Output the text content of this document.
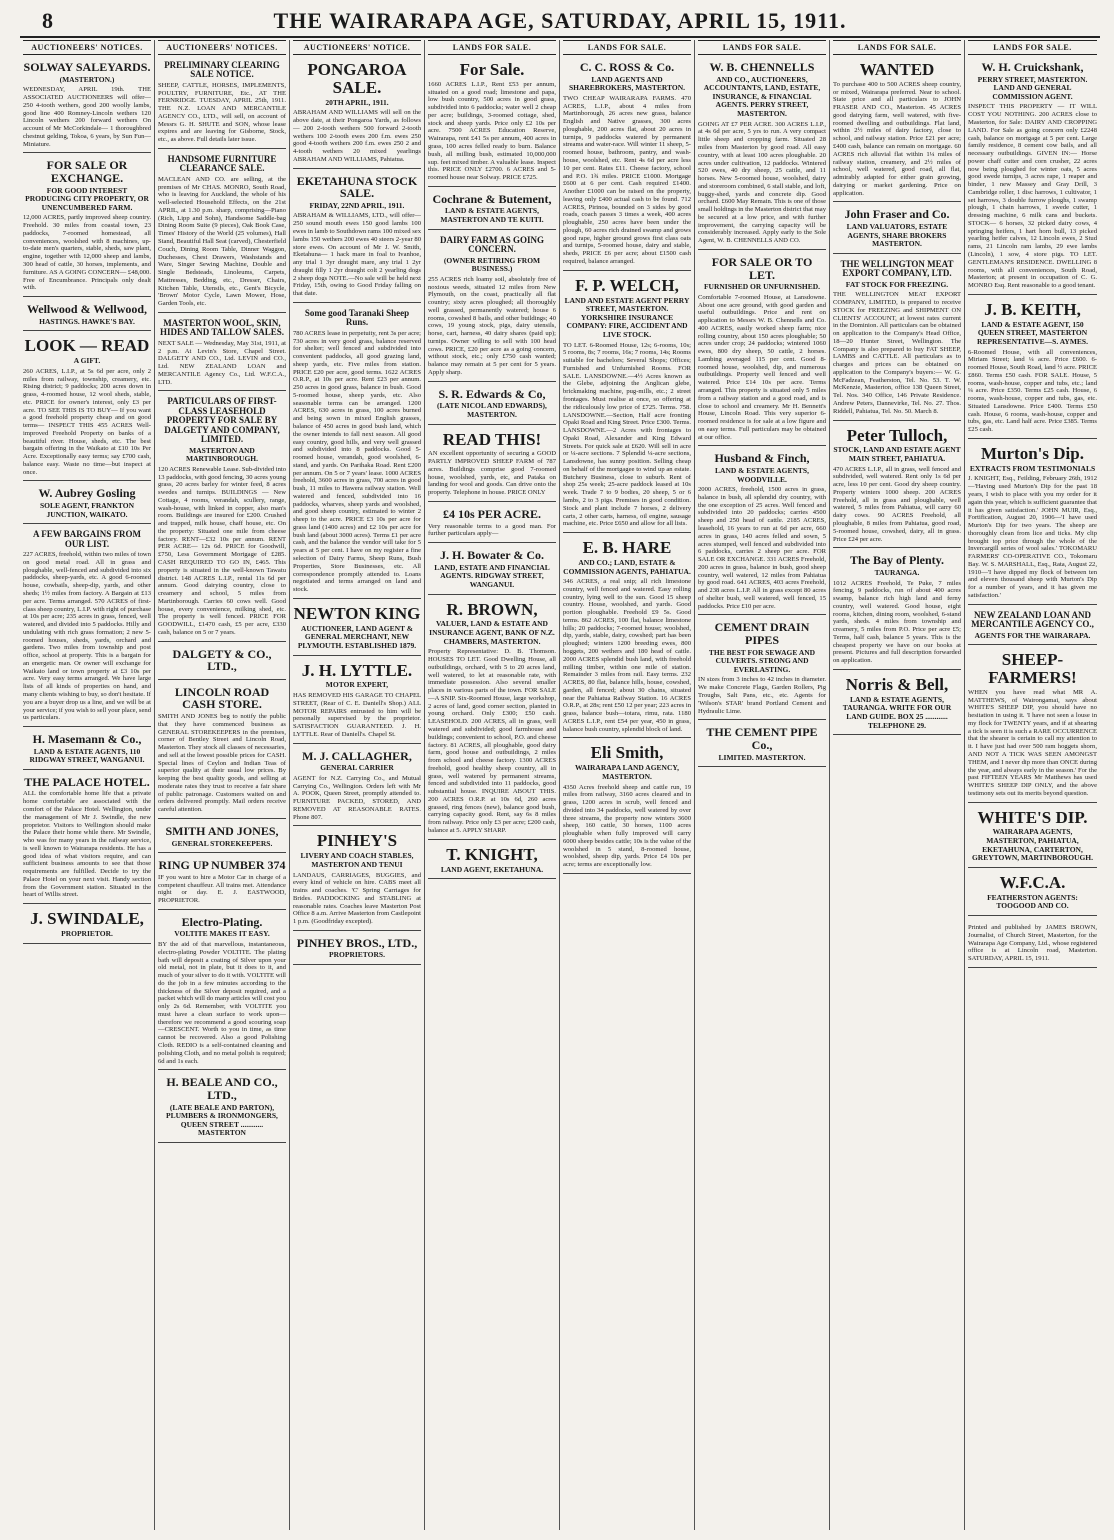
8	THE WAIRARAPA AGE, SATURDAY, APRIL 15, 1911.
AUCTIONEERS' NOTICES.
SOLWAY SALEYARDS.
(MASTERTON.)
WEDNESDAY, APRIL 19th. THE ASSOCIATED AUCTIONEERS will offer— 250 4-tooth wethers, good 200 woolly lambs, good line 400 Romney-Lincoln wethers 120 Lincoln wethers 200 forward wethers On account of Mr McCorkindale— 1 thoroughbred chestnut gelding, Tokoa, 6 years, by Sun Fun—Miniature.
FOR SALE OR EXCHANGE.
FOR GOOD INTEREST PRODUCING CITY PROPERTY, OR UNENCUMBERED FARM.
12,000 ACRES, partly improved sheep country. Freehold. 30 miles from coastal town, 23 paddocks, 7-roomed homestead, all conveniences, woolshed with 8 machines, up-to-date men's quarters, stable, sheds, saw plant, engine, together with 12,000 sheep and lambs, 300 head of cattle, 30 horses, implements, and furniture. AS A GOING CONCERN— £48,000. Free of Encumbrance. Principals only dealt with.
Wellwood & Wellwood,
HASTINGS. HAWKE'S BAY.
LOOK — READ
A GIFT.
260 ACRES, L.I.P., at 5s 6d per acre, only 2 miles from railway, township, creamery, etc. Rising district; 9 paddocks; 200 acres down in grass, 4-roomed house, 12 wool sheds, stable, etc. PRICE for owner's interest, only £3 per acre. TO SEE THIS IS TO BUY— If you want a good freehold property cheap and on good terms— INSPECT THIS 455 ACRES Well-improved Freehold Property on banks of a beautiful river. House, sheds, etc. The best bargain offering in the Waikato at £10 10s Per Acre. Exceptionally easy terms; say £700 cash, balance easy. Waste no time—but inspect at once.
W. Aubrey Gosling
SOLE AGENT, FRANKTON JUNCTION, WAIKATO.
A FEW BARGAINS FROM OUR LIST.
227 ACRES, freehold, within two miles of town on good metal road. All in grass and ploughable, well-fenced and subdivided into six paddocks, sheep-yards, etc. A good 6-roomed house, cowbails, sheep-dip, yards, and other sheds; 1½ miles from factory. A Bargain at £13 per acre. Terms arranged. 570 ACRES of first-class sheep country, L.I.P. with right of purchase at 10s per acre; 235 acres in grass, fenced, well watered, and divided into 5 paddocks. Hilly and undulating with rich grass formation; 2 new 5-roomed houses, sheds, yards, orchard and gardens. Two miles from township and post office, school at property. This is a bargain for an energetic man. Or owner will exchange for Waikato land or town property at £3 10s per acre. Very easy terms arranged. We have large lists of all kinds of properties on hand, and many clients wishing to buy, so don't hesitate. If you are a buyer drop us a line, and we will be at your service; if you wish to sell your place, send us particulars.
H. Masemann & Co.,
LAND & ESTATE AGENTS, 110 RIDGWAY STREET, WANGANUI.
THE PALACE HOTEL.
ALL the comfortable home life that a private home comfortable are associated with the comfort of the Palace Hotel. Wellington, under the management of Mr J. Swindle, the new proprietor. Visitors to Wellington should make the Palace their home while there. Mr Swindle, who was for many years in the railway service, is well known to Wairarapa residents. He has a good idea of what visitors require, and can sufficient business amounts to see that those requirements are fulfilled. Decide to try the Palace Hotel on your next visit. Handy section from the Government station. Situated in the heart of Willis street.
J. SWINDALE,
PROPRIETOR.
AUCTIONEERS' NOTICES.
PRELIMINARY CLEARING SALE NOTICE.
SHEEP, CATTLE, HORSES, IMPLEMENTS, POULTRY, FURNITURE, Etc., AT THE FERNRIDGE. TUESDAY, APRIL 25th, 1911. THE N.Z. LOAN AND MERCANTILE AGENCY CO., LTD., will sell, on account of Messrs G. H. SHUTE and SON, whose lease expires and are leaving for Gisborne, Stock, etc., as above. Full details later issue.
HANDSOME FURNITURE CLEARANCE SALE.
MACLEAN AND CO. are selling, at the premises of Mr CHAS. MONRO, South Road, who is leaving for Auckland, the whole of his well-selected Household Effects, on the 21st APRIL, at 1.30 p.m. sharp, comprising—Piano (Rich, Lipp and Sohn), Handsome Saddle-bag Dining Room Suite (9 pieces), Oak Book Case, Times' History of the World (25 volumes), Hall Stand, Beautiful Hall Seat (carved), Chesterfield Couch, Dining Room Table, Dinner Waggon, Duchesses, Chest Drawers, Washstands and Ware, Singer Sewing Machine, Double and Single Bedsteads, Linoleums, Carpets, Mattresses, Bedding, etc., Dresser, Chairs, Kitchen Table, Utensils, etc., Gent's Bicycle, 'Brown' Motor Cycle, Lawn Mower, Hose, Garden Tools, etc.
MASTERTON WOOL, SKIN, HIDES AND TALLOW SALES.
NEXT SALE — Wednesday, May 31st, 1911, at 2 p.m. At Levin's Store, Chapel Street. DALGETY AND CO., Ltd. LEVIN and CO., Ltd. NEW ZEALAND LOAN and MERCANTILE Agency Co., Ltd. W.F.C.A., LTD.
PARTICULARS OF FIRST-CLASS LEASEHOLD PROPERTY FOR SALE BY DALGETY AND COMPANY, LIMITED.
MASTERTON AND MARTINBOROUGH.
120 ACRES Renewable Lease. Sub-divided into 13 paddocks, with good fencing, 30 acres young grass, 20 acres barley for winter feed, 8 acres swedes and turnips. BUILDINGS — New Cottage, 4 rooms, verandah, scullery, range, wash-house, with linked in copper, also man's room. Buildings are insured for £200. Crushed and trapped, milk house, chaff house, etc. On the property: Situated one mile from cheese factory. RENT—£32 10s per annum. RENT PER ACRE— 12s 6d. PRICE for Goodwill, £750, Less Government Mortgage of £285. CASH REQUIRED TO GO IN, £465. This property is situated in the well-known Tawatu district. 148 ACRES L.I.P., rental 11s 6d per annum. Good dairying country, close to creamery and school, 5 miles from Martinborough. Carries 60 cows well. Good house, every convenience, milking shed, etc. The property is well fenced. PRICE FOR GOODWILL, £1470 cash, £5 per acre, £330 cash, balance on 5 or 7 years.
DALGETY & CO., LTD.,
LINCOLN ROAD CASH STORE.
SMITH AND JONES beg to notify the public that they have commenced business as GENERAL STOREKEEPERS in the premises, corner of Bentley Street and Lincoln Road, Masterton. They stock all classes of necessaries, and sell at the lowest possible prices for CASH. Special lines of Ceylon and Indian Teas of superior quality at their usual low prices. By keeping the best quality goods, and selling at moderate rates they trust to receive a fair share of public patronage. Customers waited on and orders delivered promptly. Mail orders receive careful attention.
SMITH AND JONES,
GENERAL STOREKEEPERS.
RING UP NUMBER 374
IF you want to hire a Motor Car in charge of a competent chauffeur. All trains met. Attendance night or day. E. J. EASTWOOD, PROPRIETOR.
Electro-Plating.
VOLTITE MAKES IT EASY.
BY the aid of that marvellous, instantaneous, electro-plating Powder VOLTITE. The plating bath will deposit a coating of Silver upon your old metal, not in plate, but it does to it, and much of your silver to do it with. VOLTITE will do the job in a few minutes according to the thickness of the Silver deposit required, and a packet which will do many articles will cost you only 2s 6d. Remember, with VOLTITE you must have a clean surface to work upon—therefore we recommend a good scouring soap—CRESCENT. Worth to you in time, as time cannot be recovered. Also a good Polishing Cloth. REDIO is a self-contained cleaning and polishing Cloth, and no metal polish is required; 6d and 1s each.
H. BEALE AND CO., LTD.,
(LATE BEALE AND PARTON), PLUMBERS & IRONMONGERS, QUEEN STREET ............ MASTERTON
AUCTIONEERS' NOTICE.
PONGAROA SALE.
20TH APRIL, 1911.
ABRAHAM AND WILLIAMS will sell on the above date, at their Pongaroa Yards, as follows— 200 2-tooth wethers 500 forward 2-tooth wethers 100 2-tooth ewes 200 f.m. ewes 250 good 4-tooth wethers 200 f.m. ewes 250 2 and 4-tooth wethers 20 mixed yearlings ABRAHAM AND WILLIAMS, Pahiatua.
EKETAHUNA STOCK SALE.
FRIDAY, 22ND APRIL, 1911.
ABRAHAM & WILLIAMS, LTD., will offer— 250 sound mouth ewes 150 good lambs 100 ewes in lamb to Southdown rams 100 mixed sex lambs 150 wethers 200 ewes 40 steers 2-year 80 store ewes. On account of Mr J. W. Smith, Eketahuna— 1 hack mare in foal to Ivanhoe, any trial 1 3yr draught mare, any trial 1 2yr draught filly 1 2yr draught colt 2 yearling dogs 2 sheep dogs NOTE.—No sale will be held next Friday, 15th, owing to Good Friday falling on that date.
Some good Taranaki Sheep Runs.
780 ACRES lease in perpetuity, rent 3s per acre; 730 acres in very good grass, balance reserved for shelter; well fenced and subdivided into convenient paddocks, all good grazing land, sheep yards, etc. Five miles from station. PRICE £20 per acre, good terms. 1622 ACRES O.R.P., at 10s per acre. Rent £23 per annum. 250 acres in good grass, balance in bush. Good 5-roomed house, sheep yards, etc. Also seasonable terms can be arranged. 1200 ACRES, 630 acres in grass, 100 acres burned and being sown in mixed English grasses, balance of 450 acres in good bush land, which the owner intends to fall next season. All good easy country, good hills, and very well grassed and subdivided into 8 paddocks. Good 5-roomed house, verandah, good woolshed, 6-stand, and yards. On Parihaka Road. Rent £200 per annum. On 5 or 7 years' lease. 1000 ACRES freehold, 3600 acres in grass, 700 acres in good bush, 11 miles to Hawera railway station. Well watered and fenced, subdivided into 16 paddocks, wharves, sheep yards and woolshed, and good sheep country, estimated to winter 2 sheep to the acre. PRICE £3 10s per acre for grass land (1400 acres) and £2 10s per acre for bush land (about 3000 acres). Terms £1 per acre cash, and the balance the vendor will take for 5 years at 5 per cent. I have on my register a fine selection of Dairy Farms, Sheep Runs, Bush Properties, Store Businesses, etc. All correspondence promptly attended to. Loans negotiated and terms arranged on land and stock.
NEWTON KING
AUCTIONEER, LAND AGENT & GENERAL MERCHANT, NEW PLYMOUTH. ESTABLISHED 1879.
J. H. LYTTLE.
MOTOR EXPERT,
HAS REMOVED HIS GARAGE TO CHAPEL STREET, (Rear of C. E. Daniell's Shop.) ALL MOTOR REPAIRS entrusted to him will be personally supervised by the proprietor. SATISFACTION GUARANTEED. J. H. LYTTLE. Rear of Daniell's. Chapel St.
M. J. CALLAGHER,
GENERAL CARRIER
AGENT for N.Z. Carrying Co., and Mutual Carrying Co., Wellington. Orders left with Mr A. POOK, Queen Street, promptly attended to. FURNITURE PACKED, STORED, AND REMOVED AT REASONABLE RATES. Phone 807.
PINHEY'S
LIVERY AND COACH STABLES, MASTERTON AND TENUI
LANDAUS, CARRIAGES, BUGGIES, and every kind of vehicle on hire. CABS meet all trains and coaches. 'C' Spring Carriages for Brides. PADDOCKING and STABLING at reasonable rates. Coaches leave Masterton Post Office 8 a.m. Arrive Masterton from Castlepoint 1 p.m. (Goodfriday excepted).
PINHEY BROS., LTD.,
PROPRIETORS.
LANDS FOR SALE.
For Sale.
1660 ACRES L.I.P., Rent £53 per annum, situated on a good road; limestone and papa, low bush country, 500 acres in good grass, subdivided into 6 paddocks; water well 2 cheap per acre; buildings, 3-roomed cottage, shed, stock and sheep yards. Price only £2 10s per acre. 7500 ACRES Education Reserve, Wairarapa, rent £41 5s per annum, 400 acres in grass, 100 acres felled ready to burn. Balance bush, all milling bush, estimated 10,000,000 sup. feet mixed timber. A valuable lease. Inspect this. PRICE ONLY £2700. 6 ACRES and 5-roomed house near Solway. PRICE £725.
Cochrane & Butement,
LAND & ESTATE AGENTS, MASTERTON AND TE KUITI.
DAIRY FARM AS GOING CONCERN.
(OWNER RETIRING FROM BUSINESS.)
255 ACRES rich loamy soil, absolutely free of noxious weeds, situated 12 miles from New Plymouth, on the coast, practically all flat country; sixty acres ploughed; all thoroughly well grassed, permanently watered; house 6 rooms, cowshed 8 bails, and other buildings; 40 cows, 19 young stock, pigs, dairy utensils, horse, cart, harness, 40 dairy shares (paid up); turnips. Owner willing to sell with 100 head cows. PRICE, £20 per acre as a going concern, without stock, etc.; only £750 cash wanted; balance may remain at 5 per cent for 5 years. Apply sharp.
S. R. Edwards & Co,
(LATE NICOL AND EDWARDS), MASTERTON.
READ THIS!
AN excellent opportunity of securing a GOOD PARTLY IMPROVED SHEEP FARM of 787 acres. Buildings comprise good 7-roomed house, woolshed, yards, etc, and Pataka on landing for wool and goods. Can drive onto the property. Telephone in house. PRICE ONLY
£4 10s PER ACRE.
Very reasonable terms to a good man. For further particulars apply—
J. H. Bowater & Co.
LAND, ESTATE AND FINANCIAL AGENTS. RIDGWAY STREET, WANGANUI.
R. BROWN,
VALUER, LAND & ESTATE AND INSURANCE AGENT, BANK OF N.Z. CHAMBERS, MASTERTON.
Property Representative: D. B. Thomson. HOUSES TO LET. Good Dwelling House, all outbuildings, orchard, with 5 to 20 acres land, well watered, to let at reasonable rate, with immediate possession. Also several smaller places in various parts of the town. FOR SALE—A SNIP. Six-Roomed House, large workshop, 2 acres of land, good corner section, planted in young orchard. Only £300; £50 cash. LEASEHOLD. 200 ACRES, all in grass, well watered and subdivided; good farmhouse and buildings; convenient to school, P.O. and cheese factory. 81 ACRES, all ploughable, good dairy farm, good house and outbuildings, 2 miles from school and cheese factory. 1300 ACRES freehold, good healthy sheep country, all in grass, well watered by permanent streams, fenced and subdivided into 11 paddocks, good substantial house. INQUIRE ABOUT THIS. 200 ACRES O.R.P. at 10s 6d, 260 acres grassed, ring fences (new), balance good bush, carrying capacity good. Rent, say 6s 8 miles from railway. Price only £3 per acre; £200 cash, balance at 5. APPLY SHARP.
T. KNIGHT,
LAND AGENT, EKETAHUNA.
LANDS FOR SALE.
C. C. ROSS & Co.
LAND AGENTS AND SHAREBROKERS, MASTERTON.
TWO CHEAP WAIRARAPA FARMS. 470 ACRES, L.I.P., about 4 miles from Martinborough, 26 acres new grass, balance English and Native grasses, 300 acres ploughable, 200 acres flat, about 20 acres in turnips, 9 paddocks watered by permanent streams and water-race. Will winter 11 sheep, 5-roomed house, bathroom, pantry, and wash-house, woolshed, etc. Rent 4s 6d per acre less 10 per cent. Rates £11. Cheese factory, school and P.O. 1¾ miles. PRICE £1000. Mortgage £600 at 6 per cent. Cash required £1400. Another £1000 can be raised on the property, leaving only £400 actual cash to be found. 712 ACRES, Pirinoa, bounded on 3 sides by good roads, coach passes 3 times a week, 400 acres ploughable, 250 acres have been under the plough, 60 acres rich drained swamp and grows good rape, higher ground grows first class oats and turnips, 5-roomed house, dairy and stable, sheds, PRICE £6 per acre; about £1500 cash required, balance arranged.
F. P. WELCH,
LAND AND ESTATE AGENT PERRY STREET, MASTERTON. YORKSHIRE INSURANCE COMPANY: FIRE, ACCIDENT AND LIVE STOCK.
TO LET. 6-Roomed House, 12s; 6-rooms, 10s; 5 rooms, 8s; 7 rooms, 16s; 7 rooms, 14s; Rooms suitable for bachelors; Several Shops; Offices; Furnished and Unfurnished Rooms. FOR SALE. LANSDOWNE.—4½ Acres known as the Glebe, adjoining the Anglican glebe, brickmaking machine, pug-mills, etc.; 2 street frontages. Must realise at once, so offering at the ridiculously low price of £725. Terms. 758. LANSDOWNE.—Section, Half acre fronting Opaki Road and King Street. Price £300. Terms. LANSDOWNE.—2 Acres with frontages to Opaki Road, Alexander and King Edward Streets. For quick sale at £620. Will sell in acre or ¼-acre sections. 7 Splendid ¼-acre sections, Lansdowne, has sunny position. Selling cheap on behalf of the mortgagee to wind up an estate. Butchery Business, close to suburb. Rent of shop 25s week; 25-acre paddock leased at 10s week. Trade 7 to 9 bodies, 20 sheep, 5 or 6 lambs, 2 to 3 pigs. Premises in good condition. Stock and plant include 7 horses, 2 delivery carts, 2 other carts, harness, oil engine, sausage machine, etc. Price £650 and allow for all lists.
E. B. HARE
AND CO.; LAND, ESTATE & COMMISSION AGENTS, PAHIATUA.
346 ACRES, a real snip; all rich limestone country, well fenced and watered. Easy rolling country, lying well to the sun. Good 15 sheep country. House, woolshed, and yards. Good portion ploughable. Freehold £9 5s. Good terms. 862 ACRES, 100 flat, balance limestone hills; 20 paddocks; 7-roomed house; woolshed, dip, yards, stable, dairy, cowshed; part has been ploughed; winters 1200 breeding ewes, 800 hoggets, 200 wethers and 180 head of cattle. 2000 ACRES splendid bush land, with freehold milling timber, within one mile of station. Remainder 3 miles from rail. Easy terms. 232 ACRES, 80 flat, balance hills, house, cowshed, garden, all fenced; about 30 chains, situated near the Pahiatua Railway Station. 16 ACRES O.R.P., at 28s; rent £50 12 per year; 223 acres in grass, balance bush—totara, rimu, rata. 1180 ACRES L.I.P., rent £54 per year, 450 in grass, balance bush country, splendid block of land.
Eli Smith,
WAIRARAPA LAND AGENCY, MASTERTON.
4350 Acres freehold sheep and cattle run, 19 miles from railway, 3160 acres cleared and in grass, 1200 acres in scrub, well fenced and divided into 34 paddocks, well watered by over three streams, the property now winters 3600 sheep, 160 cattle, 30 horses, 1100 acres ploughable when fully improved will carry 6000 sheep besides cattle; 10s is the value of the woolshed in 5 stand, 8-roomed house, woolshed, sheep dip, yards. Price £4 10s per acre; terms are exceptionally low.
LANDS FOR SALE.
W. B. CHENNELLS
AND CO., AUCTIONEERS, ACCOUNTANTS, LAND, ESTATE, INSURANCE, & FINANCIAL AGENTS. PERRY STREET, MASTERTON.
GOING AT £7 PER ACRE. 300 ACRES L.I.P., at 4s 6d per acre, 5 yrs to run. A very compact little sheep and cropping farm. Situated 28 miles from Masterton by good road. All easy country, with at least 100 acres ploughable. 20 acres under cultivation, 12 paddocks. Wintered 520 ewes, 40 dry sheep, 25 cattle, and 11 horses. New 5-roomed house, woolshed, dairy and storeroom combined, 6 stall stable, and loft, buggy-shed, yards and concrete dip. Good orchard. £600 May Remain. This is one of those small holdings in the Masterton district that may be secured at a low price, and with further improvement, the carrying capacity will be considerably increased. Apply early to the Sole Agent, W. B. CHENNELLS AND CO.
FOR SALE OR TO LET.
FURNISHED OR UNFURNISHED.
Comfortable 7-roomed House, at Lansdowne. About one acre ground, with good garden and useful outbuildings. Price and rent on application to Messrs W. B. Chennells and Co. 400 ACRES, easily worked sheep farm; nice rolling country, about 150 acres ploughable; 50 acres under crop; 24 paddocks; wintered 1060 ewes, 800 dry sheep, 50 cattle, 2 horses. Lambing averaged 115 per cent. Good 8-roomed house, woolshed, dip, and numerous outbuildings. Property well fenced and well watered. Price £14 10s per acre. Terms arranged. This property is situated only 5 miles from a railway station and a good road, and is close to school and creamery. Mr H. Bennett's House, Lincoln Road. This very superior 6-roomed residence is for sale at a low figure and on easy terms. Full particulars may be obtained at our office.
Husband & Finch,
LAND & ESTATE AGENTS, WOODVILLE.
2000 ACRES, freehold, 1500 acres in grass, balance in bush, all splendid dry country, with the one exception of 25 acres. Well fenced and subdivided into 20 paddocks; carries 4500 sheep and 250 head of cattle. 2185 ACRES, leasehold, 16 years to run at 6d per acre, 660 acres in grass, 140 acres felled and sown, 5 acres stumped, well fenced and subdivided into 6 paddocks, carries 2 sheep per acre. FOR SALE OR EXCHANGE. 331 ACRES Freehold, 200 acres in grass, balance in bush, good sheep country, well watered, 12 miles from Pahiatua by good road. 641 ACRES, 403 acres Freehold, and 238 acres L.I.P. All in grass except 80 acres of shelter bush, well watered, well fenced, 15 paddocks. Price £10 per acre.
CEMENT DRAIN PIPES
THE BEST FOR SEWAGE AND CULVERTS. STRONG AND EVERLASTING.
IN sizes from 3 inches to 42 inches in diameter. We make Concrete Flags, Garden Rollers, Pig Troughs, Salt Pans, etc., etc. Agents for 'Wilson's STAR' brand Portland Cement and Hydraulic Lime.
THE CEMENT PIPE Co.,
LIMITED. MASTERTON.
LANDS FOR SALE.
WANTED
To purchase 400 to 500 ACRES sheep country, or mixed, Wairarapa preferred. Near to school. State price and all particulars to JOHN FRASER AND CO., Masterton. 45 ACRES good dairying farm, well watered, with five-roomed dwelling and outbuildings. Flat land, within 2½ miles of dairy factory, close to school, and railway station. Price £21 per acre; £400 cash, balance can remain on mortgage. 60 ACRES rich alluvial flat within 1¼ miles of railway station, creamery, and 2½ miles of school, well watered, good road, all flat, admirably adapted for either grain growing, dairying or market gardening. Price on application.
John Fraser and Co.
LAND VALUATORS, ESTATE AGENTS, SHARE BROKERS MASTERTON.
THE WELLINGTON MEAT EXPORT COMPANY, LTD.
FAT STOCK FOR FREEZING.
THE WELLINGTON MEAT EXPORT COMPANY, LIMITED, is prepared to receive STOCK for FREEZING and SHIPMENT ON CLIENTS' ACCOUNT, at lowest rates current in the Dominion. All particulars can be obtained on application to the Company's Head Office, 18—20 Hunter Street, Wellington. The Company is also prepared to buy FAT SHEEP, LAMBS and CATTLE. All particulars as to charges and prices can be obtained on application to the Company's buyers:— W. G. McFadzean, Featherston, Tel. No. 53. T. W. McKenzie, Masterton, office 138 Queen Street, Tel. Nos. 340 Office, 146 Private Residence. Andrew Peters, Dannevirke, Tel. No. 27. Thos. Riddell, Pahiatua, Tel. No. 50. March 8.
Peter Tulloch,
STOCK, LAND AND ESTATE AGENT MAIN STREET, PAHIATUA.
470 ACRES L.I.P., all in grass, well fenced and subdivided, well watered. Rent only 1s 6d per acre, less 10 per cent. Good dry sheep country. Property winters 1000 sheep. 200 ACRES Freehold, all in grass and ploughable, well watered, 5 miles from Pahiatua, will carry 60 dairy cows. 90 ACRES Freehold, all ploughable, 8 miles from Pahiatua, good road, 5-roomed house, cowshed, dairy, all in grass. Price £24 per acre.
The Bay of Plenty.
TAURANGA.
1012 ACRES Freehold, Te Puke, 7 miles fencing, 9 paddocks, run of about 400 acres swamp, balance rich high land and ferny country, well watered. Good house, eight rooms, kitchen, dining room, woolshed, 6-stand yards, sheds. 4 miles from township and creamery, 5 miles from P.O. Price per acre £5; Terms, half cash, balance 5 years. This is the cheapest property we have on our books at present. Pictures and full description forwarded on application.
Norris & Bell,
LAND & ESTATE AGENTS, TAURANGA. WRITE FOR OUR LAND GUIDE. BOX 25 ............ TELEPHONE 29.
LANDS FOR SALE.
W. H. Cruickshank,
PERRY STREET, MASTERTON. LAND AND GENERAL COMMISSION AGENT.
INSPECT THIS PROPERTY — IT WILL COST YOU NOTHING. 200 ACRES close to Masterton, for Sale: DAIRY AND CROPPING LAND. For Sale as going concern only £2248 cash, balance on mortgage at 5 per cent. Large family residence, 8 cement cow bails, and all necessary outbuildings. GIVEN IN:— Horse power chaff cutter and corn crusher, 22 acres now being ploughed for winter oats, 5 acres good swede turnips, 3 acres rape, 1 reaper and binder, 1 new Massey and Gray Drill, 3 Cambridge roller, 1 disc harrows, 1 cultivator, 1 set harrows, 3 double furrow ploughs, 1 swamp plough, 1 chain harrows, 1 swede cutter, 1 dressing machine, 6 milk cans and buckets. STOCK— 6 horses, 32 picked dairy cows, 4 springing heifers, 1 hart horn bull, 13 picked yearling heifer calves, 12 Lincoln ewes, 2 Stud rams, 21 Lincoln ram lambs, 29 ewe lambs (Lincoln), 1 sow, 4 store pigs. TO LET. GENTLEMAN'S RESIDENCE. DWELLING 8 rooms, with all conveniences, South Road, Masterton; at present in occupation of C. G. MONRO Esq. Rent reasonable to a good tenant.
J. B. KEITH,
LAND & ESTATE AGENT, 150 QUEEN STREET, MASTERTON REPRESENTATIVE—S. AYMES.
6-Roomed House, with all conveniences, Miriam Street; land ¼ acre. Price £600. 6-roomed House, South Road, land ½ acre. PRICE £860. Terms £50 cash. FOR SALE. House, 5 rooms, wash-house, copper and tubs, etc.; land ¼ acre. Price £350. Terms £25 cash. House, 6 rooms, wash-house, copper and tubs, gas, etc. Situated Lansdowne. Price £400. Terms £50 cash. House, 6 rooms, wash-house, copper and tubs, gas, etc. Land half acre. Price £385. Terms £25 cash.
Murton's Dip.
EXTRACTS FROM TESTIMONIALS
J. KNIGHT, Esq., Feilding, February 26th, 1912—'Having used Murton's Dip for the past 18 years, I wish to place with you my order for it again this year, which is sufficient guarantee that it has given satisfaction.' JOHN MUIR, Esq., Fortification, August 20, 1906—'I have used Murton's Dip for two years. The sheep are thoroughly clean from lice and ticks. My clip brought top price through the whole of the Invercargill series of wool sales.' TOKOMARU FARMERS' CO-OPERATIVE CO., Tokomaru Bay. W. S. MARSHALL, Esq., Rata, August 22, 1910—'I have dipped my flock of between ten and eleven thousand sheep with Murton's Dip for a number of years, and it has given me satisfaction.'
NEW ZEALAND LOAN AND MERCANTILE AGENCY CO.,
AGENTS FOR THE WAIRARAPA.
SHEEP-FARMERS!
WHEN you have read what MR A. MATTHEWS, of Wairongamai, says about WHITE'S SHEEP DIP, you should have no hesitation in using it. 'I have not seen a louse in my flock for TWENTY years, and if at shearing a tick is seen it is such a RARE OCCURRENCE that the shearer is certain to call my attention to it. I have just had over 500 ram hoggets shorn, AND NOT A TICK WAS SEEN AMONGST THEM, and I never dip more than ONCE during the year, and always early in the season.' For the past FIFTEEN YEARS Mr Matthews has used WHITE'S SHEEP DIP ONLY, and the above testimony sets out its merits beyond question.
WHITE'S DIP.
WAIRARAPA AGENTS, MASTERTON, PAHIATUA, EKETAHUNA, CARTERTON, GREYTOWN, MARTINBOROUGH.
W.F.C.A.
FEATHERSTON AGENTS: TOOGOOD AND CO.
Printed and published by JAMES BROWN, Journalist, of Church Street, Masterton, for the Wairarapa Age Company, Ltd., whose registered office is at Lincoln road, Masterton. SATURDAY, APRIL 15, 1911.
